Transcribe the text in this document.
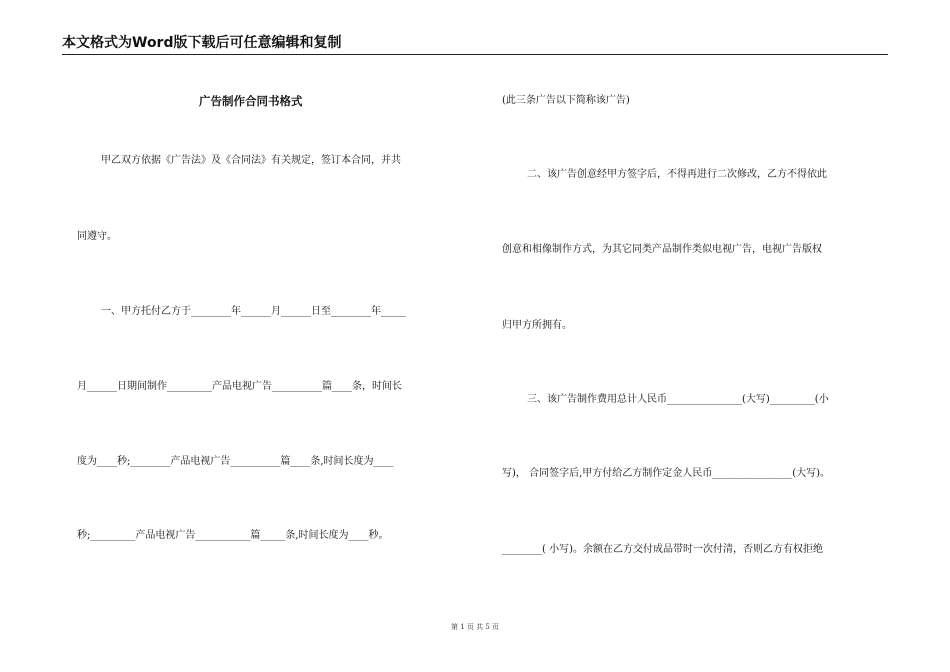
本文格式为Word版下载后可任意编辑和复制
广告制作合同书格式
甲乙双方依据《广告法》及《合同法》有关规定，签订本合同，并共
同遵守。
一、甲方托付乙方于________年______月______日至________年_____
月______日期间制作_________产品电视广告__________篇____条，时间长
度为____秒;________产品电视广告__________篇____条,时间长度为____
秒;_________产品电视广告___________篇_____条,时间长度为____秒。
(此三条广告以下简称该广告)
二、该广告创意经甲方签字后，不得再进行二次修改，乙方不得依此
创意和相像制作方式，为其它同类产品制作类似电视广告，电视广告版权
归甲方所拥有。
三、该广告制作费用总计人民币_______________(大写)_________(小
写)， 合同签字后,甲方付给乙方制作定金人民币________________(大写)。
________( 小写)。余额在乙方交付成品带时一次付清，否则乙方有权拒绝
第 1 页 共 5 页
